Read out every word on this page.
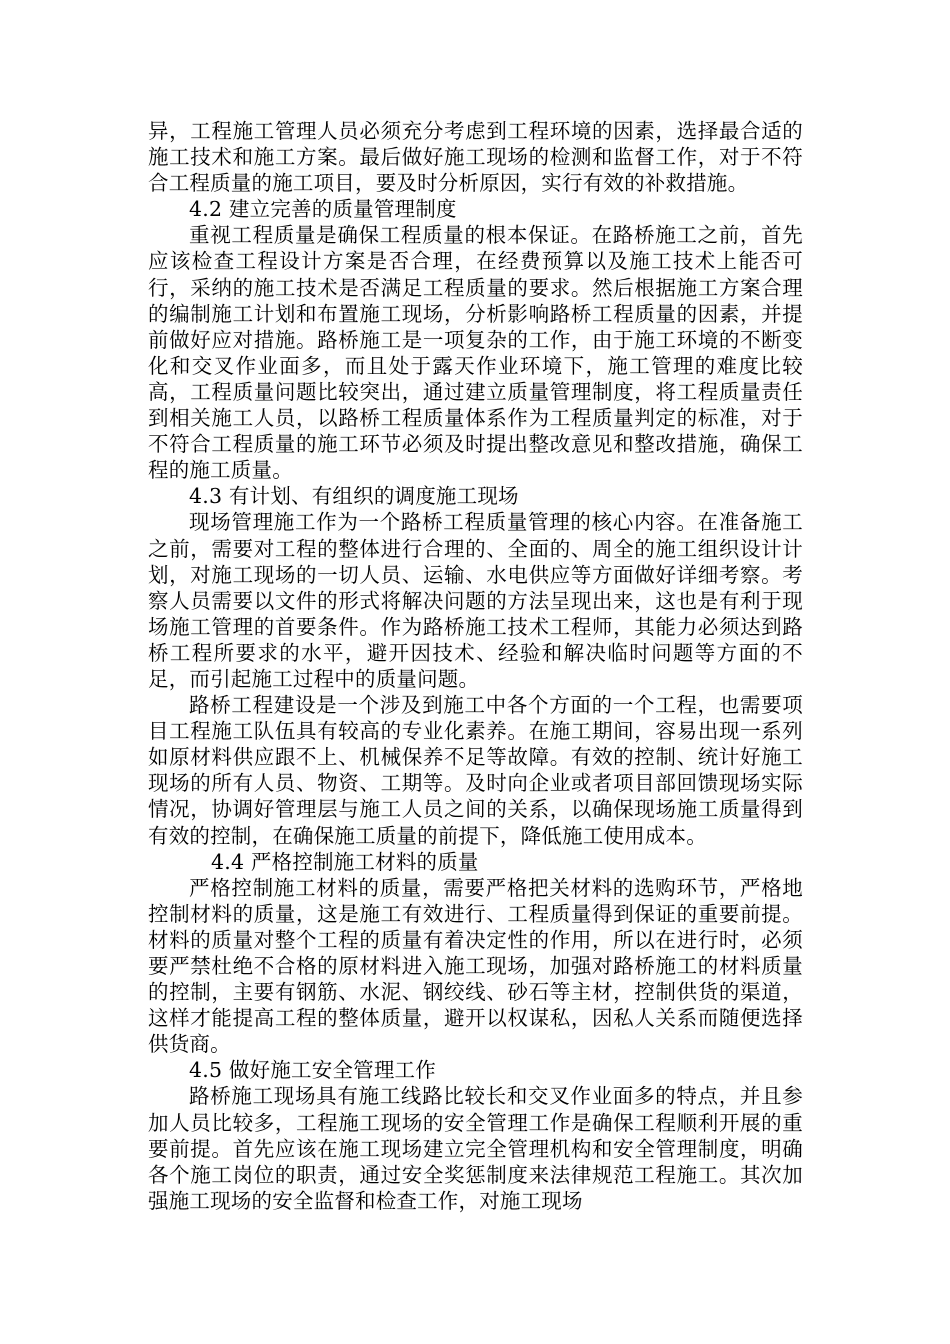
异，工程施工管理人员必须充分考虑到工程环境的因素，选择最合适的施工技术和施工方案。最后做好施工现场的检测和监督工作，对于不符合工程质量的施工项目，要及时分析原因，实行有效的补救措施。

4.2 建立完善的质量管理制度

重视工程质量是确保工程质量的根本保证。在路桥施工之前，首先应该检查工程设计方案是否合理，在经费预算以及施工技术上能否可行，采纳的施工技术是否满足工程质量的要求。然后根据施工方案合理的编制施工计划和布置施工现场，分析影响路桥工程质量的因素，并提前做好应对措施。路桥施工是一项复杂的工作，由于施工环境的不断变化和交叉作业面多，而且处于露天作业环境下，施工管理的难度比较高，工程质量问题比较突出，通过建立质量管理制度，将工程质量责任到相关施工人员，以路桥工程质量体系作为工程质量判定的标准，对于不符合工程质量的施工环节必须及时提出整改意见和整改措施，确保工程的施工质量。

4.3 有计划、有组织的调度施工现场

现场管理施工作为一个路桥工程质量管理的核心内容。在准备施工之前，需要对工程的整体进行合理的、全面的、周全的施工组织设计计划，对施工现场的一切人员、运输、水电供应等方面做好详细考察。考察人员需要以文件的形式将解决问题的方法呈现出来，这也是有利于现场施工管理的首要条件。作为路桥施工技术工程师，其能力必须达到路桥工程所要求的水平，避开因技术、经验和解决临时问题等方面的不足，而引起施工过程中的质量问题。

路桥工程建设是一个涉及到施工中各个方面的一个工程，也需要项目工程施工队伍具有较高的专业化素养。在施工期间，容易出现一系列如原材料供应跟不上、机械保养不足等故障。有效的控制、统计好施工现场的所有人员、物资、工期等。及时向企业或者项目部回馈现场实际情况，协调好管理层与施工人员之间的关系，以确保现场施工质量得到有效的控制，在确保施工质量的前提下，降低施工使用成本。

4.4 严格控制施工材料的质量

严格控制施工材料的质量，需要严格把关材料的选购环节，严格地控制材料的质量，这是施工有效进行、工程质量得到保证的重要前提。材料的质量对整个工程的质量有着决定性的作用，所以在进行时，必须要严禁杜绝不合格的原材料进入施工现场，加强对路桥施工的材料质量的控制，主要有钢筋、水泥、钢绞线、砂石等主材，控制供货的渠道，这样才能提高工程的整体质量，避开以权谋私，因私人关系而随便选择供货商。

4.5 做好施工安全管理工作

路桥施工现场具有施工线路比较长和交叉作业面多的特点，并且参加人员比较多，工程施工现场的安全管理工作是确保工程顺利开展的重要前提。首先应该在施工现场建立完全管理机构和安全管理制度，明确各个施工岗位的职责，通过安全奖惩制度来法律规范工程施工。其次加强施工现场的安全监督和检查工作，对施工现场
